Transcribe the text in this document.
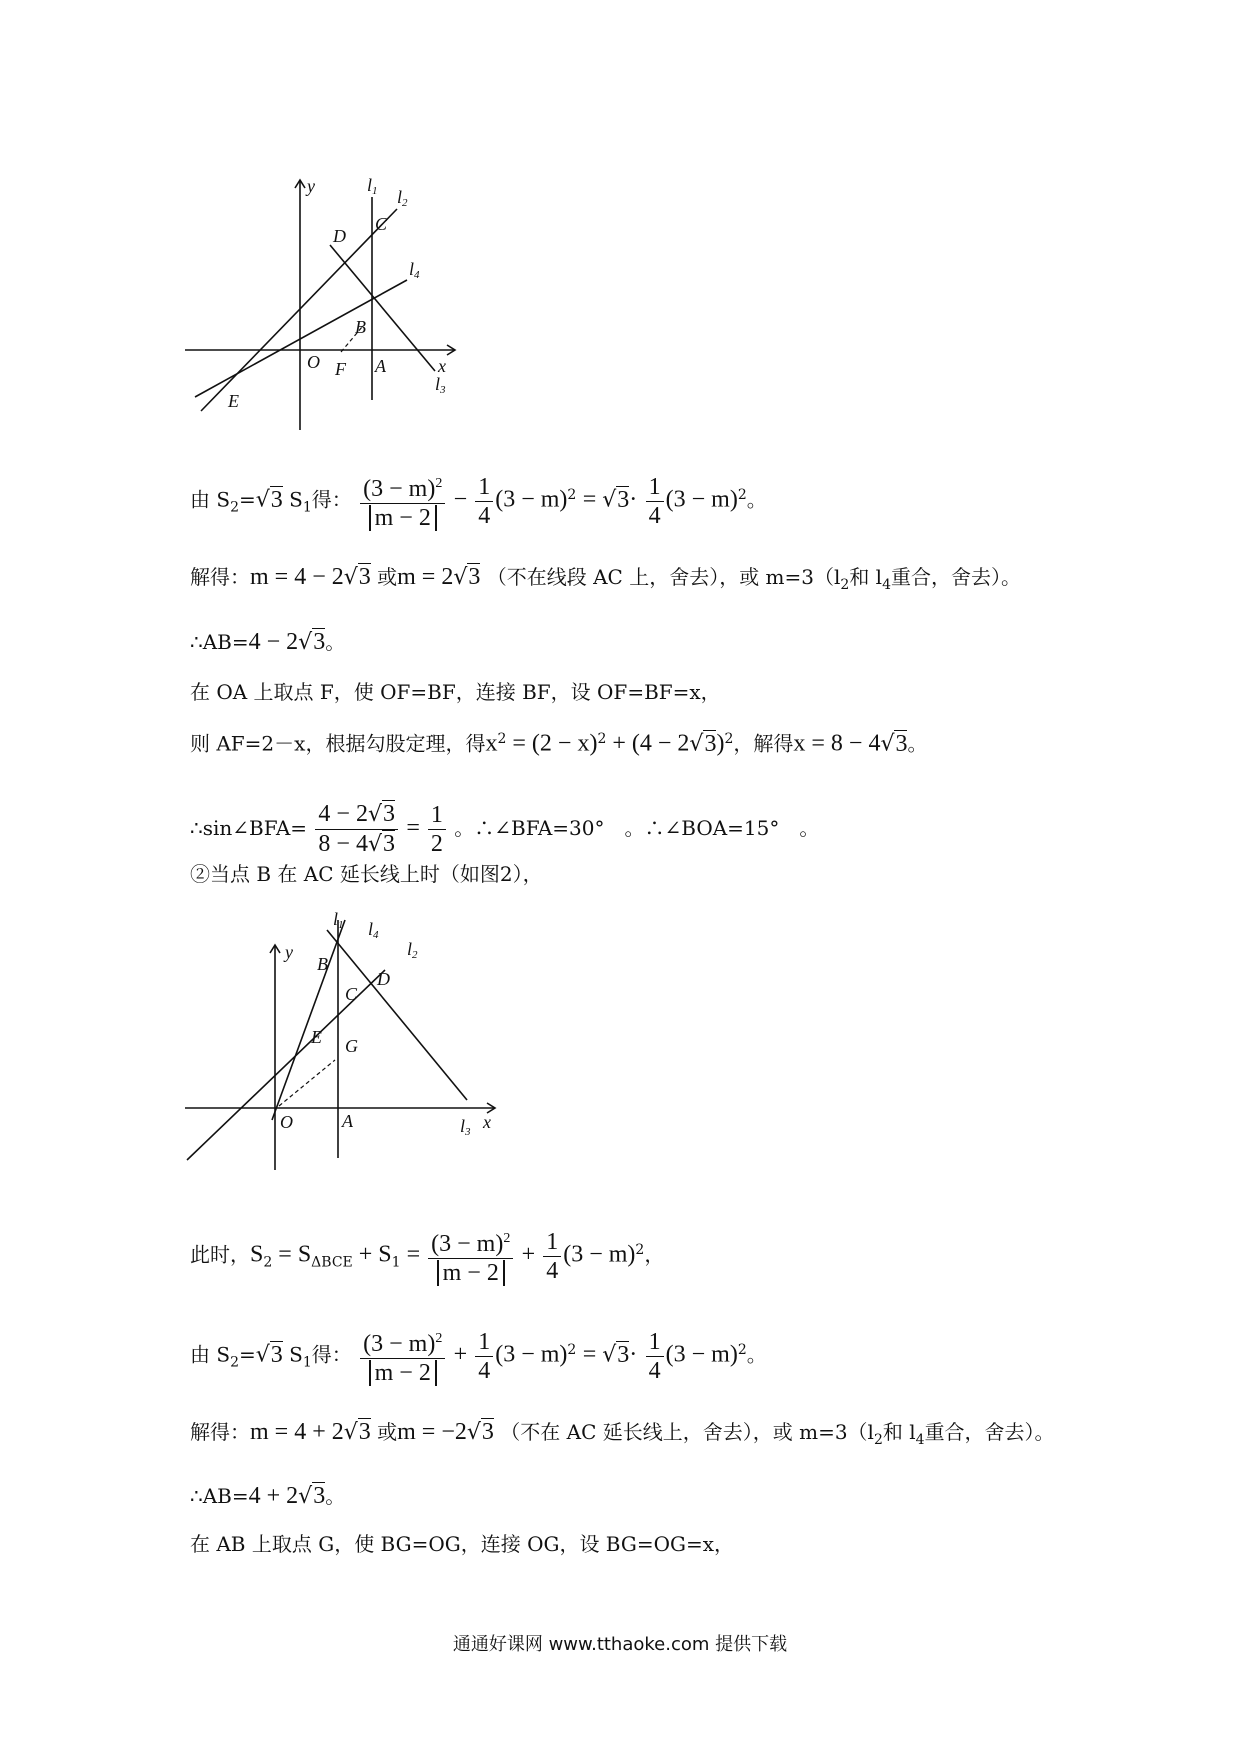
y
x
O	A
B
C
D
E
F
l1 l2
l4
l3
由 $S_2=√3$ $S_1$得： $\frac{(3 - m)^2}{m - 2} - \frac{1}{4} (3 - m)^2 = √3\cdot \frac{1}{4} (3 - m)^2$。
解得：m = 4 − 2√3 或m = 2√3 （不在线段 AC 上，舍去），或 $m=3(l_2$和 $l_4$重合，舍去）。
∴AB=4 − 2√3。
在 OA 上取点 F，使 OF=BF，连接 BF，设 OF=BF=x，
则 AF=2－x，根据勾股定理，得$x^2 = (2 - x)^2 + (4 - 2√3)^2$，解得x = 8 − 4√3。
∴sin∠BFA= $\frac{4 - 2√3}{8 - 4√3} = \frac{1}{2}$ 。∴∠BFA=30°　。∴∠BOA=15°　。
②当点 B 在 AC 延长线上时（如图2），
y
x
O	A
B
C
D
E G
l1 l4
l2
l3
此时，$S_2 = S_{\Delta BCE} + S_1 = \frac{(3 - m)^2}{m - 2} + \frac{1}{4} (3 - m)^2$，
由 $S_2=√3$ $S_1$得： $\frac{(3 - m)^2}{m - 2} + \frac{1}{4} (3 - m)^2 = √3\cdot \frac{1}{4} (3 - m)^2$。
解得：m = 4 + 2√3 或m = −2√3 （不在 AC 延长线上，舍去），或 $m=3(l_2$和 $l_4$重合，舍去）。
∴AB=4 + 2√3。
在 AB 上取点 G，使 BG=OG，连接 OG，设 BG=OG=x，
通通好课网 www.tthaoke.com 提供下载
